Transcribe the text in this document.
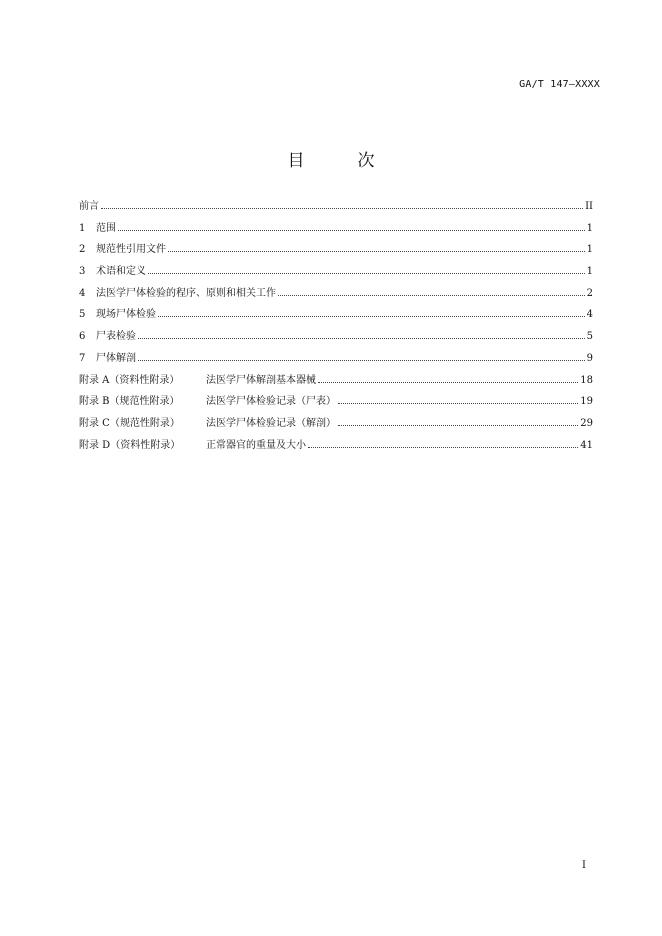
GA/T 147—XXXX
目　次
前言	II
1 范围	1
2 规范性引用文件	1
3 术语和定义	1
4 法医学尸体检验的程序、原则和相关工作	2
5 现场尸体检验	4
6 尸表检验	5
7 尸体解剖	9
附录 A（资料性附录）	法医学尸体解剖基本器械	18
附录 B（规范性附录）	法医学尸体检验记录（尸表）	19
附录 C（规范性附录）	法医学尸体检验记录（解剖）	29
附录 D（资料性附录）	正常器官的重量及大小	41
I
